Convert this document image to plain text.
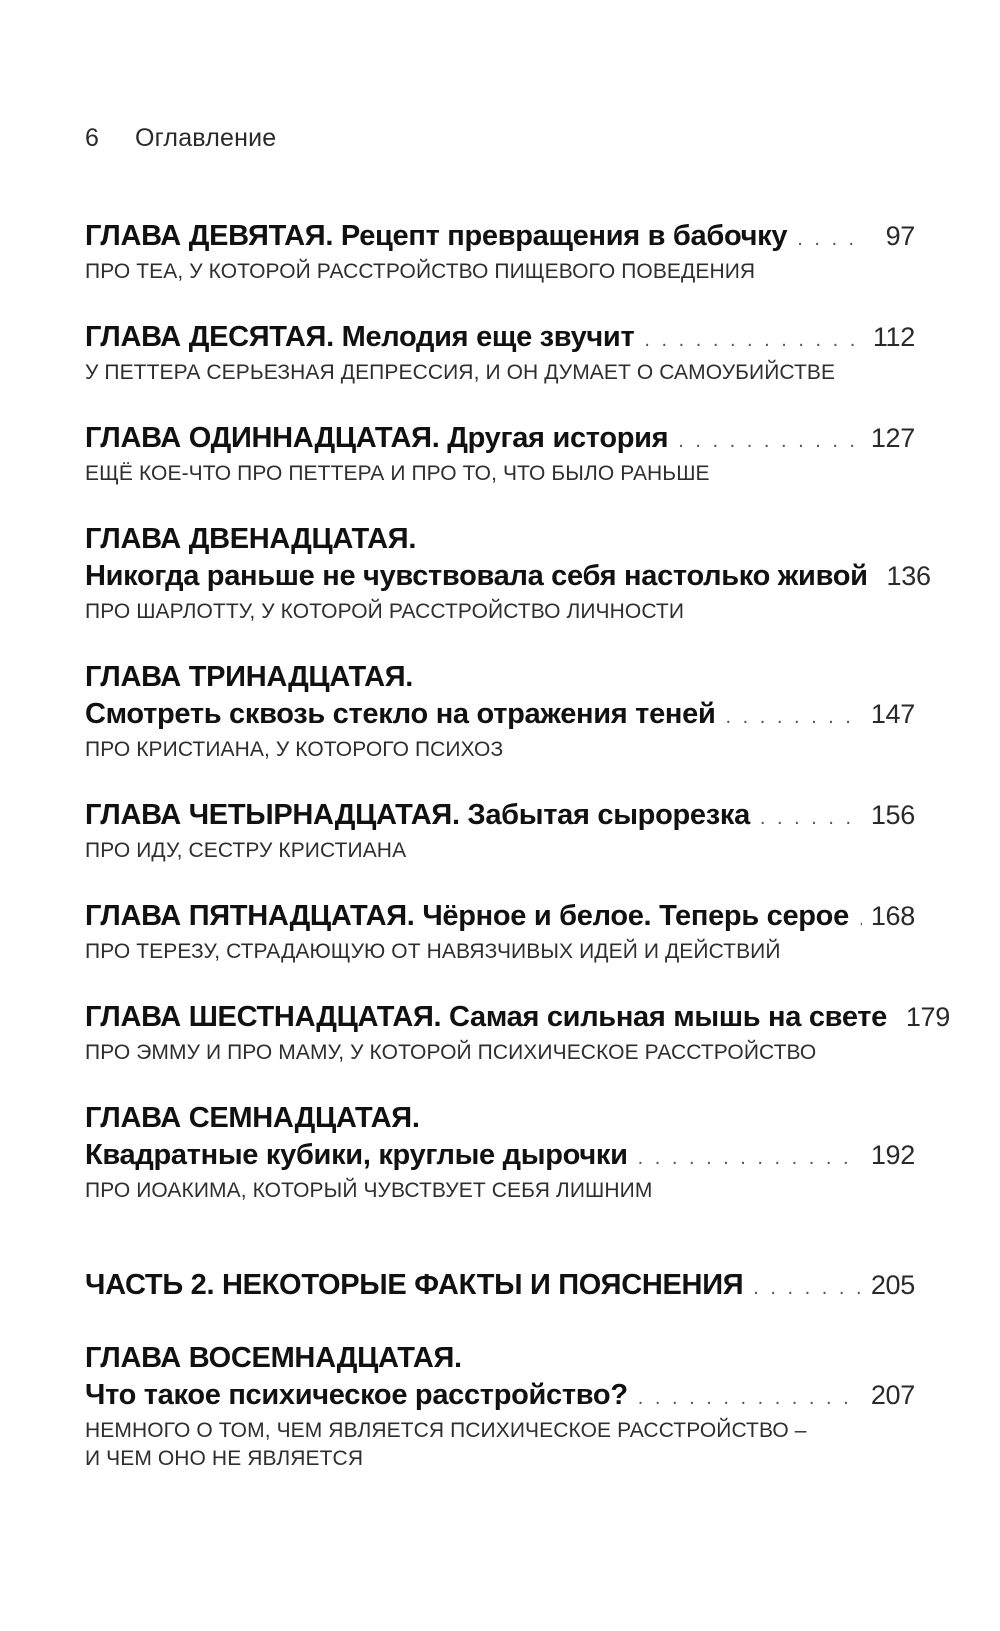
6 Оглавление
ГЛАВА ДЕВЯТАЯ. Рецепт превращения в бабочку . . .	97
ПРО ТЕА, У КОТОРОЙ РАССТРОЙСТВО ПИЩЕВОГО ПОВЕДЕНИЯ
ГЛАВА ДЕСЯТАЯ. Мелодия еще звучит . . .	112
У ПЕТТЕРА СЕРЬЕЗНАЯ ДЕПРЕССИЯ, И ОН ДУМАЕТ О САМОУБИЙСТВЕ
ГЛАВА ОДИННАДЦАТАЯ. Другая история . . .	127
ЕЩЁ КОЕ-ЧТО ПРО ПЕТТЕРА И ПРО ТО, ЧТО БЫЛО РАНЬШЕ
ГЛАВА ДВЕНАДЦАТАЯ.
Никогда раньше не чувствовала себя настолько живой 136
ПРО ШАРЛОТТУ, У КОТОРОЙ РАССТРОЙСТВО ЛИЧНОСТИ
ГЛАВА ТРИНАДЦАТАЯ.
Смотреть сквозь стекло на отражения теней . . .	147
ПРО КРИСТИАНА, У КОТОРОГО ПСИХОЗ
ГЛАВА ЧЕТЫРНАДЦАТАЯ. Забытая сырорезка . . .	156
ПРО ИДУ, СЕСТРУ КРИСТИАНА
ГЛАВА ПЯТНАДЦАТАЯ. Чёрное и белое. Теперь серое . . . 168
ПРО ТЕРЕЗУ, СТРАДАЮЩУЮ ОТ НАВЯЗЧИВЫХ ИДЕЙ И ДЕЙСТВИЙ
ГЛАВА ШЕСТНАДЦАТАЯ. Самая сильная мышь на свете 179
ПРО ЭММУ И ПРО МАМУ, У КОТОРОЙ ПСИХИЧЕСКОЕ РАССТРОЙСТВО
ГЛАВА СЕМНАДЦАТАЯ.
Квадратные кубики, круглые дырочки . . .	192
ПРО ИОАКИМА, КОТОРЫЙ ЧУВСТВУЕТ СЕБЯ ЛИШНИМ
ЧАСТЬ 2. НЕКОТОРЫЕ ФАКТЫ И ПОЯСНЕНИЯ . . .	205
ГЛАВА ВОСЕМНАДЦАТАЯ.
Что такое психическое расстройство? . . .	207
НЕМНОГО О ТОМ, ЧЕМ ЯВЛЯЕТСЯ ПСИХИЧЕСКОЕ РАССТРОЙСТВО –
И ЧЕМ ОНО НЕ ЯВЛЯЕТСЯ
